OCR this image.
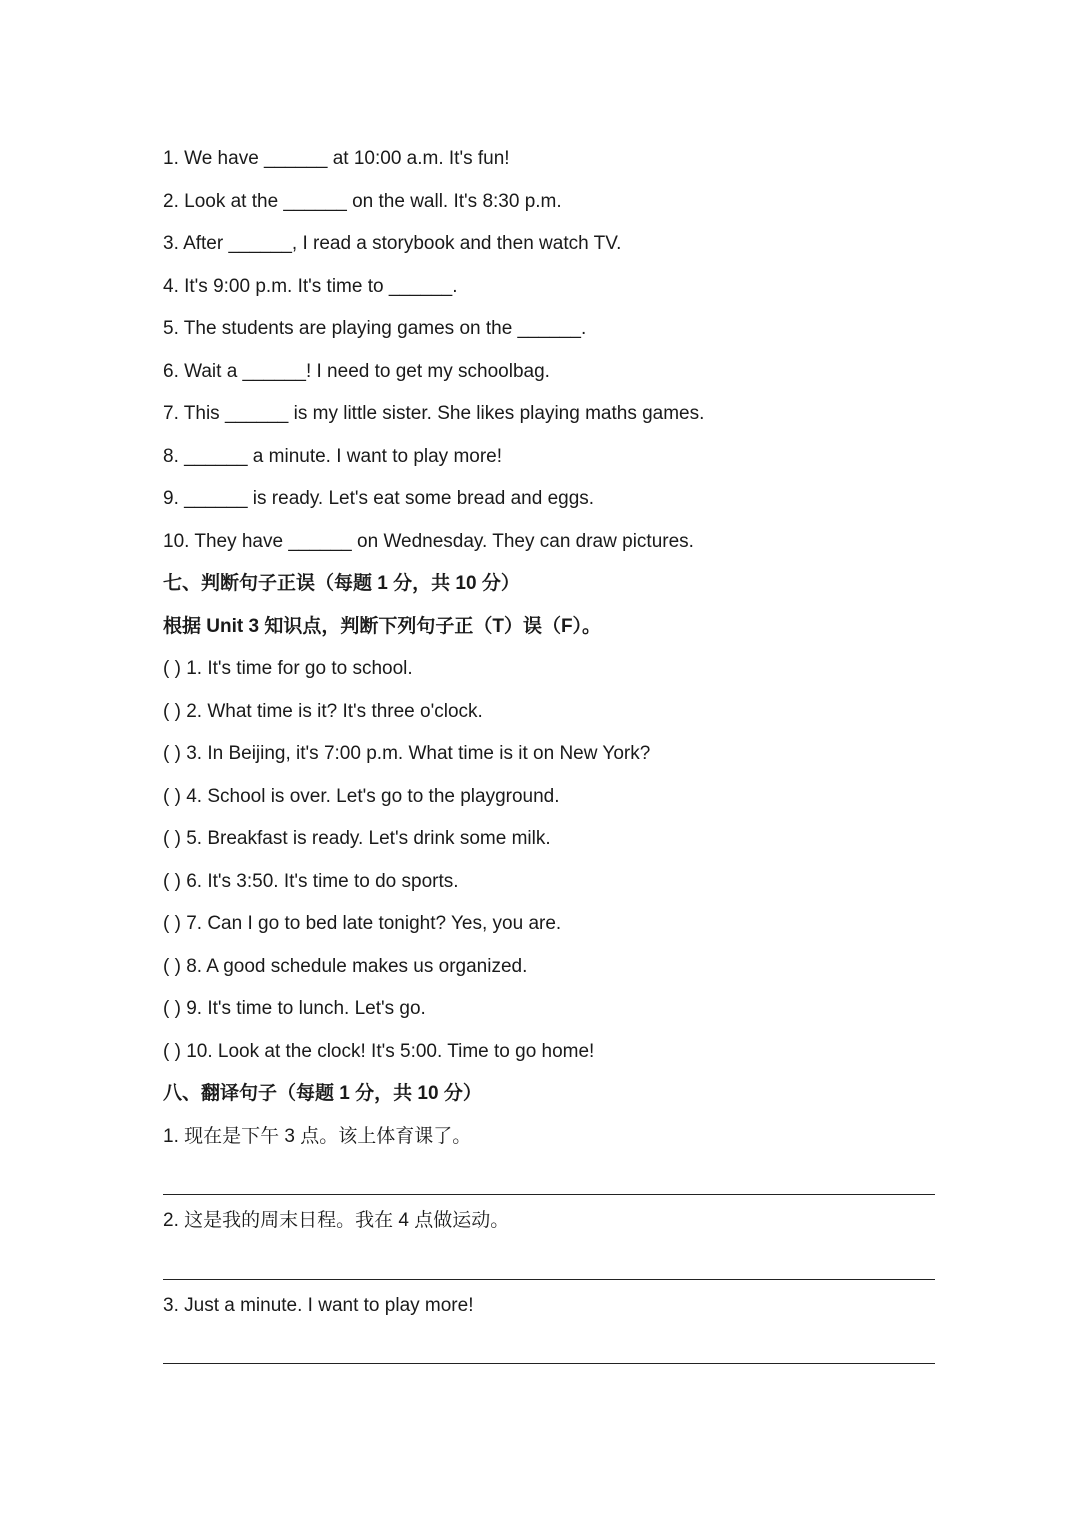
1. We have ______ at 10:00 a.m. It's fun!
2. Look at the ______ on the wall. It's 8:30 p.m.
3. After ______, I read a storybook and then watch TV.
4. It's 9:00 p.m. It's time to ______.
5. The students are playing games on the ______.
6. Wait a ______! I need to get my schoolbag.
7. This ______ is my little sister. She likes playing maths games.
8. ______ a minute. I want to play more!
9. ______ is ready. Let's eat some bread and eggs.
10. They have ______ on Wednesday. They can draw pictures.
七、判断句子正误（每题 1 分，共 10 分）
根据 Unit 3 知识点，判断下列句子正（T）误（F）。
( ) 1. It's time for go to school.
( ) 2. What time is it? It's three o'clock.
( ) 3. In Beijing, it's 7:00 p.m. What time is it on New York?
( ) 4. School is over. Let's go to the playground.
( ) 5. Breakfast is ready. Let's drink some milk.
( ) 6. It's 3:50. It's time to do sports.
( ) 7. Can I go to bed late tonight? Yes, you are.
( ) 8. A good schedule makes us organized.
( ) 9. It's time to lunch. Let's go.
( ) 10. Look at the clock! It's 5:00. Time to go home!
八、翻译句子（每题 1 分，共 10 分）
1. 现在是下午 3 点。该上体育课了。
2. 这是我的周末日程。我在 4 点做运动。
3. Just a minute. I want to play more!
